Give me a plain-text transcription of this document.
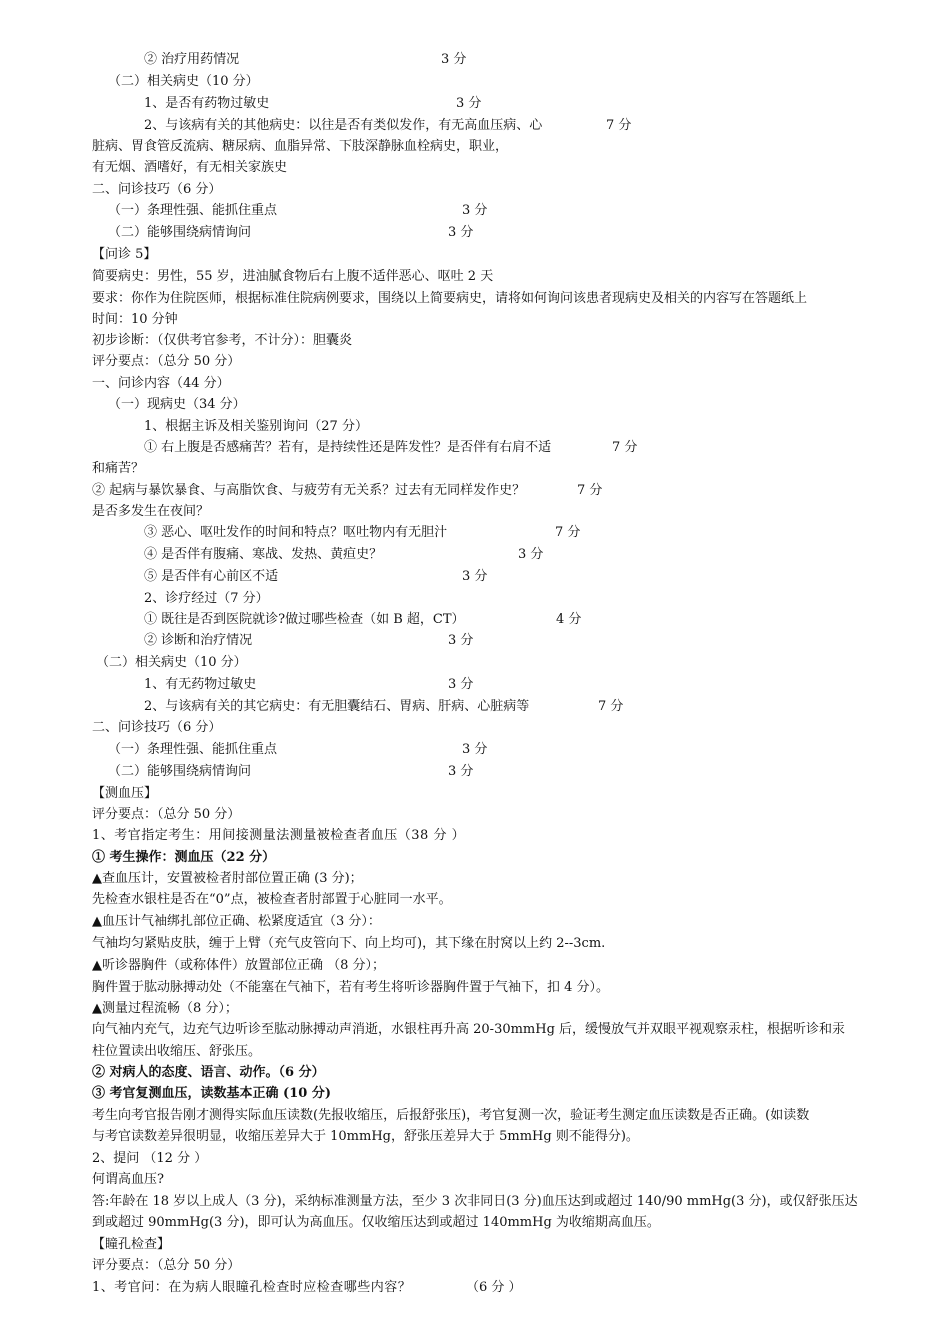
② 治疗用药情况	3 分
（二）相关病史（10 分）
1、是否有药物过敏史	3 分
2、与该病有关的其他病史：以往是否有类似发作，有无高血压病、心	7 分
脏病、胃食管反流病、糖尿病、血脂异常、下肢深静脉血栓病史，职业，
有无烟、酒嗜好，有无相关家族史
二、问诊技巧（6 分）
（一）条理性强、能抓住重点	3 分
（二）能够围绕病情询问	3 分
【问诊 5】
简要病史：男性，55 岁，进油腻食物后右上腹不适伴恶心、呕吐 2 天
要求：你作为住院医师，根据标准住院病例要求，围绕以上简要病史，请将如何询问该患者现病史及相关的内容写在答题纸上
时间：10 分钟
初步诊断：（仅供考官参考，不计分）：胆囊炎
评分要点：（总分 50 分）
一、问诊内容（44 分）
（一）现病史（34 分）
1、根据主诉及相关鉴别询问（27 分）
① 右上腹是否感痛苦？若有，是持续性还是阵发性？是否伴有右肩不适	7 分
和痛苦？
② 起病与暴饮暴食、与高脂饮食、与疲劳有无关系？过去有无同样发作史？	7 分
是否多发生在夜间？
③ 恶心、呕吐发作的时间和特点？呕吐物内有无胆汁	7 分
④ 是否伴有腹痛、寒战、发热、黄疸史？	3 分
⑤ 是否伴有心前区不适	3 分
2、诊疗经过（7 分）
① 既往是否到医院就诊?做过哪些检查（如 B 超，CT）	4 分
② 诊断和治疗情况	3 分
（二）相关病史（10 分）
1、有无药物过敏史	3 分
2、与该病有关的其它病史：有无胆囊结石、胃病、肝病、心脏病等	7 分
二、问诊技巧（6 分）
（一）条理性强、能抓住重点	3 分
（二）能够围绕病情询问	3 分
【测血压】
评分要点：（总分 50 分）
1、考官指定考生：用间接测量法测量被检查者血压（38 分 ）
① 考生操作：测血压（22 分）
▲查血压计，安置被检者肘部位置正确 (3 分)；
先检查水银柱是否在“0”点，被检查者肘部置于心脏同一水平。
▲血压计气袖绑扎部位正确、松紧度适宜（3 分）：
气袖均匀紧贴皮肤，缠于上臂（充气皮管向下、向上均可)，其下缘在肘窝以上约 2--3cm.
▲听诊器胸件（或称体件）放置部位正确 （8 分）；
胸件置于肱动脉搏动处（不能塞在气袖下，若有考生将听诊器胸件置于气袖下，扣 4 分）。
▲测量过程流畅（8 分）；
向气袖内充气，边充气边听诊至肱动脉搏动声消逝，水银柱再升高 20-30mmHg 后，缓慢放气并双眼平视观察汞柱，根据听诊和汞
柱位置读出收缩压、舒张压。
② 对病人的态度、语言、动作。（6 分）
③ 考官复测血压，读数基本正确 (10 分)
考生向考官报告刚才测得实际血压读数(先报收缩压，后报舒张压)，考官复测一次，验证考生测定血压读数是否正确。(如读数
与考官读数差异很明显，收缩压差异大于 10mmHg，舒张压差异大于 5mmHg 则不能得分)。
2、提问 （12 分 ）
何谓高血压?
答:年龄在 18 岁以上成人（3 分)，采纳标准测量方法，至少 3 次非同日(3 分)血压达到或超过 140/90 mmHg(3 分)，或仅舒张压达
到或超过 90mmHg(3 分)，即可认为高血压。仅收缩压达到或超过 140mmHg 为收缩期高血压。
【瞳孔检查】
评分要点：（总分 50 分）
1、考官问：在为病人眼瞳孔检查时应检查哪些内容？	（6 分 ）
